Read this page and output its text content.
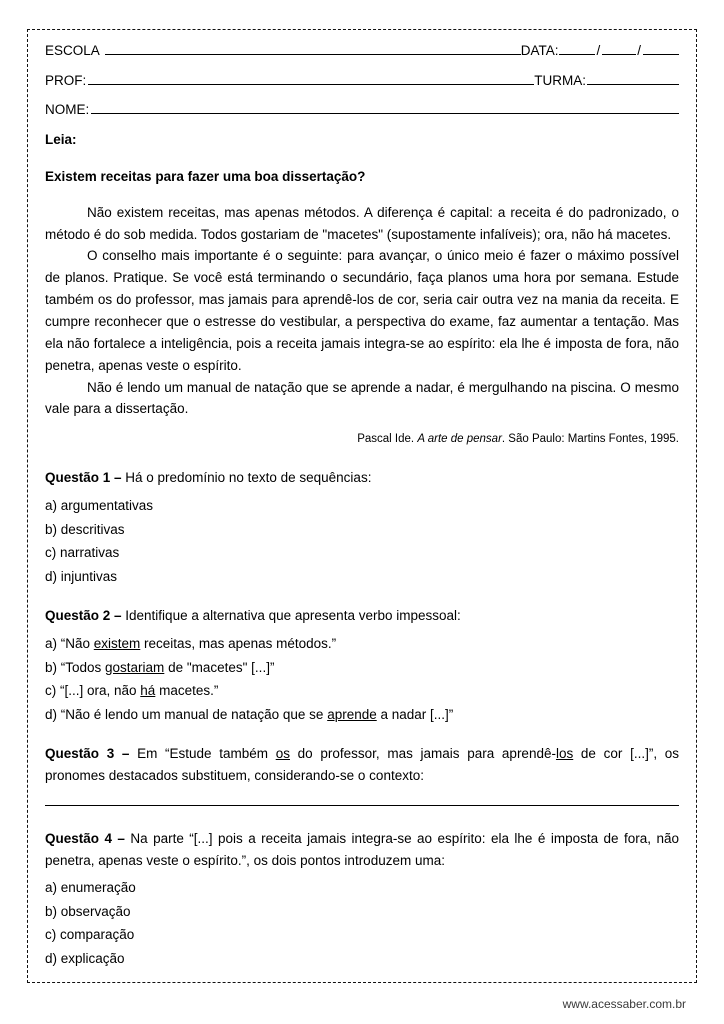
ESCOLA	DATA:	/	/
PROF:	TURMA:
NOME:

Leia:

Existem receitas para fazer uma boa dissertação?

Não existem receitas, mas apenas métodos. A diferença é capital: a receita é do padronizado, o método é do sob medida. Todos gostariam de "macetes" (supostamente infalíveis); ora, não há macetes.

O conselho mais importante é o seguinte: para avançar, o único meio é fazer o máximo possível de planos. Pratique. Se você está terminando o secundário, faça planos uma hora por semana. Estude também os do professor, mas jamais para aprendê-los de cor, seria cair outra vez na mania da receita. E cumpre reconhecer que o estresse do vestibular, a perspectiva do exame, faz aumentar a tentação. Mas ela não fortalece a inteligência, pois a receita jamais integra-se ao espírito: ela lhe é imposta de fora, não penetra, apenas veste o espírito.

Não é lendo um manual de natação que se aprende a nadar, é mergulhando na piscina. O mesmo vale para a dissertação.

Pascal Ide. A arte de pensar. São Paulo: Martins Fontes, 1995.

Questão 1 – Há o predomínio no texto de sequências:

a) argumentativas

b) descritivas

c) narrativas

d) injuntivas

Questão 2 – Identifique a alternativa que apresenta verbo impessoal:

a) “Não existem receitas, mas apenas métodos.”

b) “Todos gostariam de "macetes" [...]”

c) “[...] ora, não há macetes.”

d) “Não é lendo um manual de natação que se aprende a nadar [...]”

Questão 3 – Em “Estude também os do professor, mas jamais para aprendê-los de cor [...]”, os pronomes destacados substituem, considerando-se o contexto:

Questão 4 – Na parte “[...] pois a receita jamais integra-se ao espírito: ela lhe é imposta de fora, não penetra, apenas veste o espírito.”, os dois pontos introduzem uma:

a) enumeração

b) observação

c) comparação

d) explicação

www.acessaber.com.br
